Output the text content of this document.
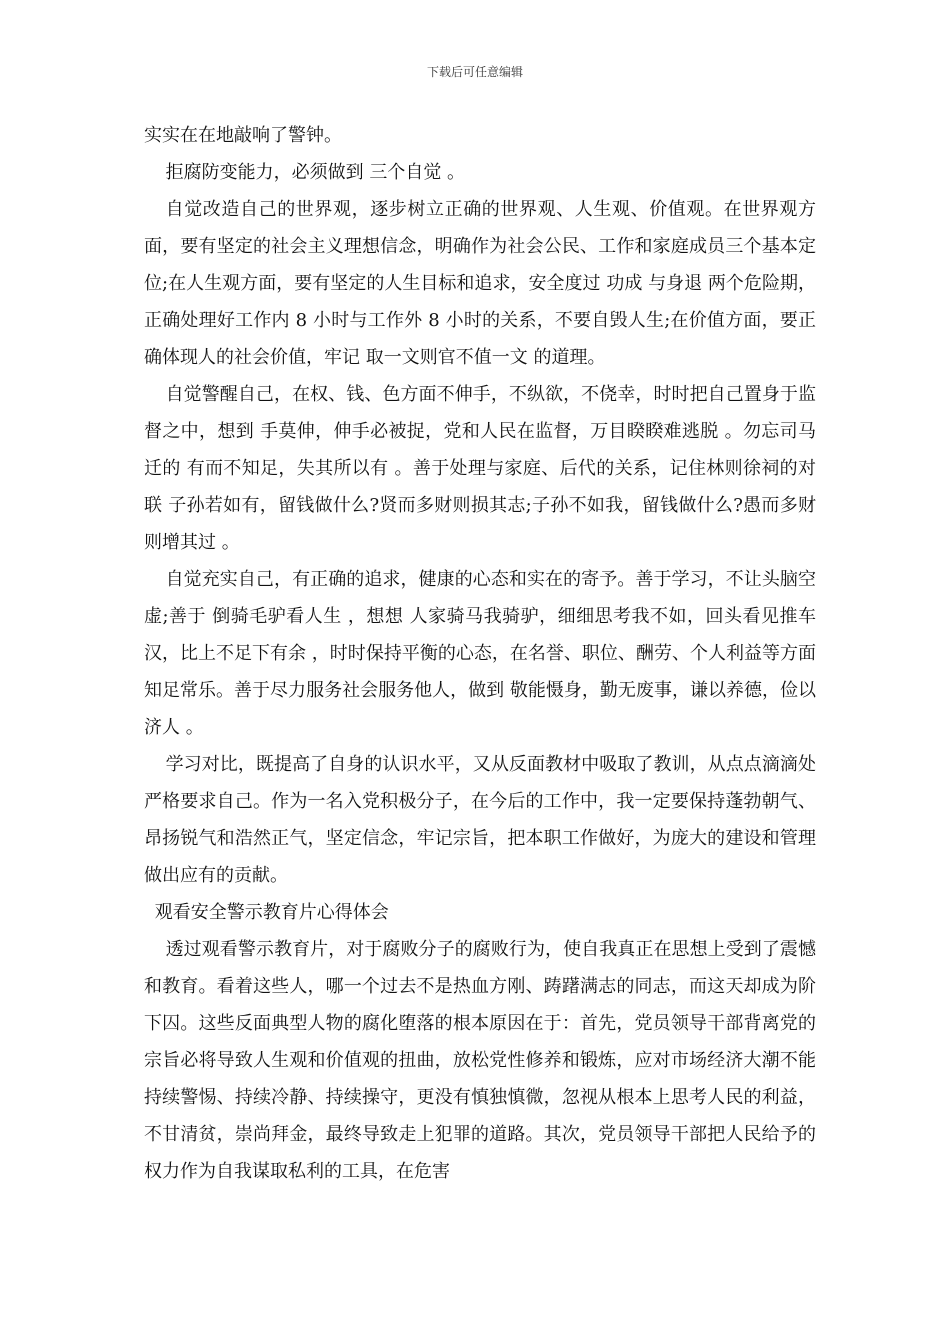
下载后可任意编辑

实实在在地敲响了警钟。

拒腐防变能力，必须做到 三个自觉 。

自觉改造自己的世界观，逐步树立正确的世界观、人生观、价值观。在世界观方面，要有坚定的社会主义理想信念，明确作为社会公民、工作和家庭成员三个基本定位;在人生观方面，要有坚定的人生目标和追求，安全度过 功成 与身退 两个危险期，正确处理好工作内 8 小时与工作外 8 小时的关系，不要自毁人生;在价值方面，要正确体现人的社会价值，牢记 取一文则官不值一文 的道理。

自觉警醒自己，在权、钱、色方面不伸手，不纵欲，不侥幸，时时把自己置身于监督之中，想到 手莫伸，伸手必被捉，党和人民在监督，万目睽睽难逃脱 。勿忘司马迁的 有而不知足，失其所以有 。善于处理与家庭、后代的关系，记住林则徐祠的对联 子孙若如有，留钱做什么?贤而多财则损其志;子孙不如我，留钱做什么?愚而多财则增其过 。

自觉充实自己，有正确的追求，健康的心态和实在的寄予。善于学习，不让头脑空虚;善于 倒骑毛驴看人生 ，想想 人家骑马我骑驴，细细思考我不如，回头看见推车汉，比上不足下有余 ，时时保持平衡的心态，在名誉、职位、酬劳、个人利益等方面知足常乐。善于尽力服务社会服务他人，做到 敬能慑身，勤无废事，谦以养德，俭以济人 。

学习对比，既提高了自身的认识水平，又从反面教材中吸取了教训，从点点滴滴处严格要求自己。作为一名入党积极分子，在今后的工作中，我一定要保持蓬勃朝气、昂扬锐气和浩然正气，坚定信念，牢记宗旨，把本职工作做好，为庞大的建设和管理做出应有的贡献。

观看安全警示教育片心得体会

透过观看警示教育片，对于腐败分子的腐败行为，使自我真正在思想上受到了震憾和教育。看着这些人，哪一个过去不是热血方刚、踌躇满志的同志，而这天却成为阶下囚。这些反面典型人物的腐化堕落的根本原因在于：首先，党员领导干部背离党的宗旨必将导致人生观和价值观的扭曲，放松党性修养和锻炼，应对市场经济大潮不能持续警惕、持续冷静、持续操守，更没有慎独慎微，忽视从根本上思考人民的利益，不甘清贫，崇尚拜金，最终导致走上犯罪的道路。其次，党员领导干部把人民给予的权力作为自我谋取私利的工具，在危害
